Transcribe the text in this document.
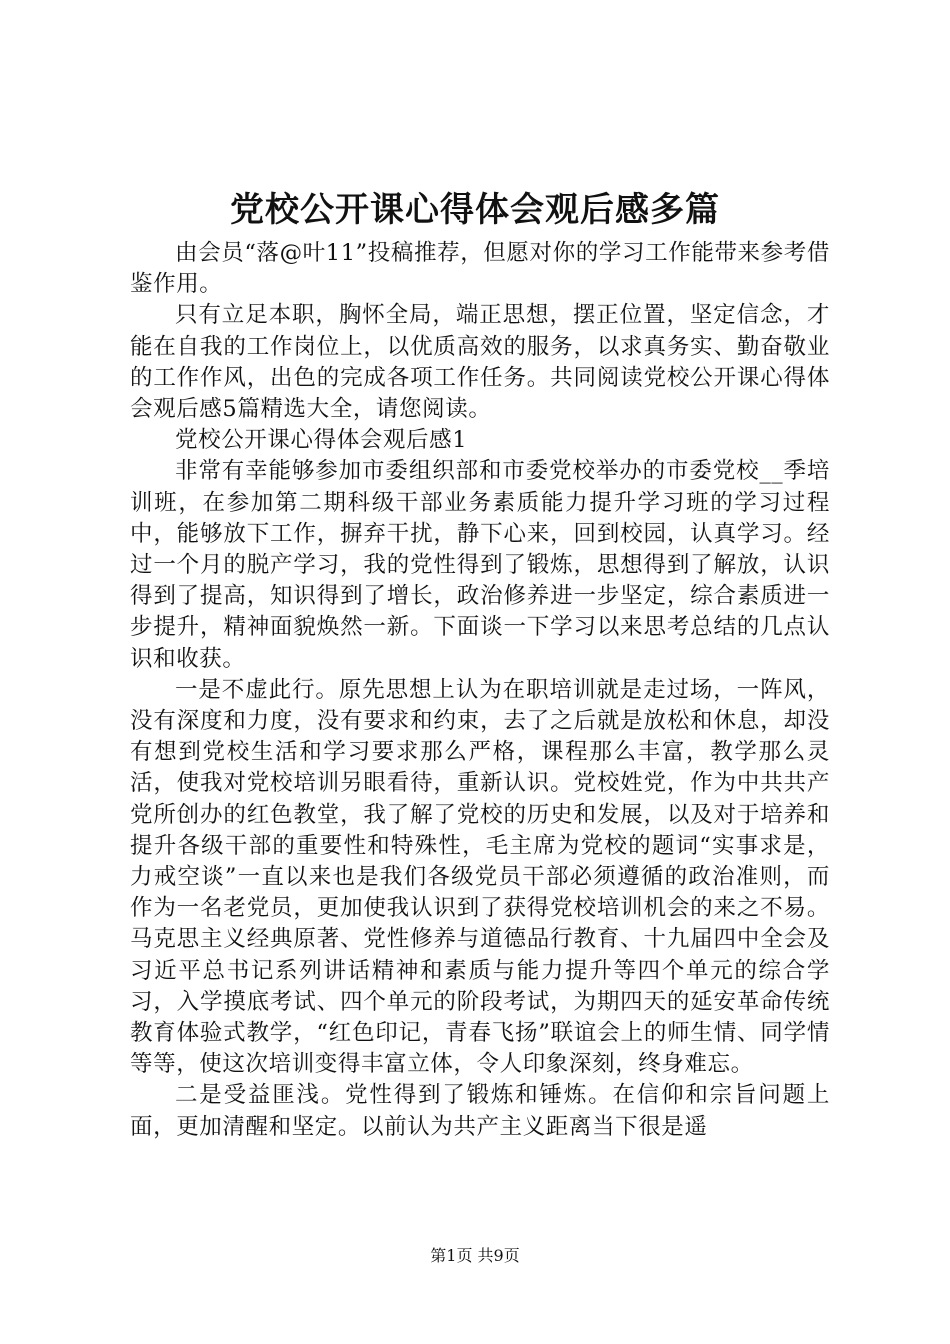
党校公开课心得体会观后感多篇

由会员“落@叶11”投稿推荐，但愿对你的学习工作能带来参考借鉴作用。

只有立足本职，胸怀全局，端正思想，摆正位置，坚定信念，才能在自我的工作岗位上，以优质高效的服务，以求真务实、勤奋敬业的工作作风，出色的完成各项工作任务。共同阅读党校公开课心得体会观后感5篇精选大全，请您阅读。

党校公开课心得体会观后感1

非常有幸能够参加市委组织部和市委党校举办的市委党校__季培训班，在参加第二期科级干部业务素质能力提升学习班的学习过程中，能够放下工作，摒弃干扰，静下心来，回到校园，认真学习。经过一个月的脱产学习，我的党性得到了锻炼，思想得到了解放，认识得到了提高，知识得到了增长，政治修养进一步坚定，综合素质进一步提升，精神面貌焕然一新。下面谈一下学习以来思考总结的几点认识和收获。

一是不虚此行。原先思想上认为在职培训就是走过场，一阵风，没有深度和力度，没有要求和约束，去了之后就是放松和休息，却没有想到党校生活和学习要求那么严格，课程那么丰富，教学那么灵活，使我对党校培训另眼看待，重新认识。党校姓党，作为中共共产党所创办的红色教堂，我了解了党校的历史和发展，以及对于培养和提升各级干部的重要性和特殊性，毛主席为党校的题词“实事求是，力戒空谈”一直以来也是我们各级党员干部必须遵循的政治准则，而作为一名老党员，更加使我认识到了获得党校培训机会的来之不易。马克思主义经典原著、党性修养与道德品行教育、十九届四中全会及习近平总书记系列讲话精神和素质与能力提升等四个单元的综合学习，入学摸底考试、四个单元的阶段考试，为期四天的延安革命传统教育体验式教学，“红色印记，青春飞扬”联谊会上的师生情、同学情等等，使这次培训变得丰富立体，令人印象深刻，终身难忘。

二是受益匪浅。党性得到了锻炼和锤炼。在信仰和宗旨问题上面，更加清醒和坚定。以前认为共产主义距离当下很是遥

第1页 共9页
